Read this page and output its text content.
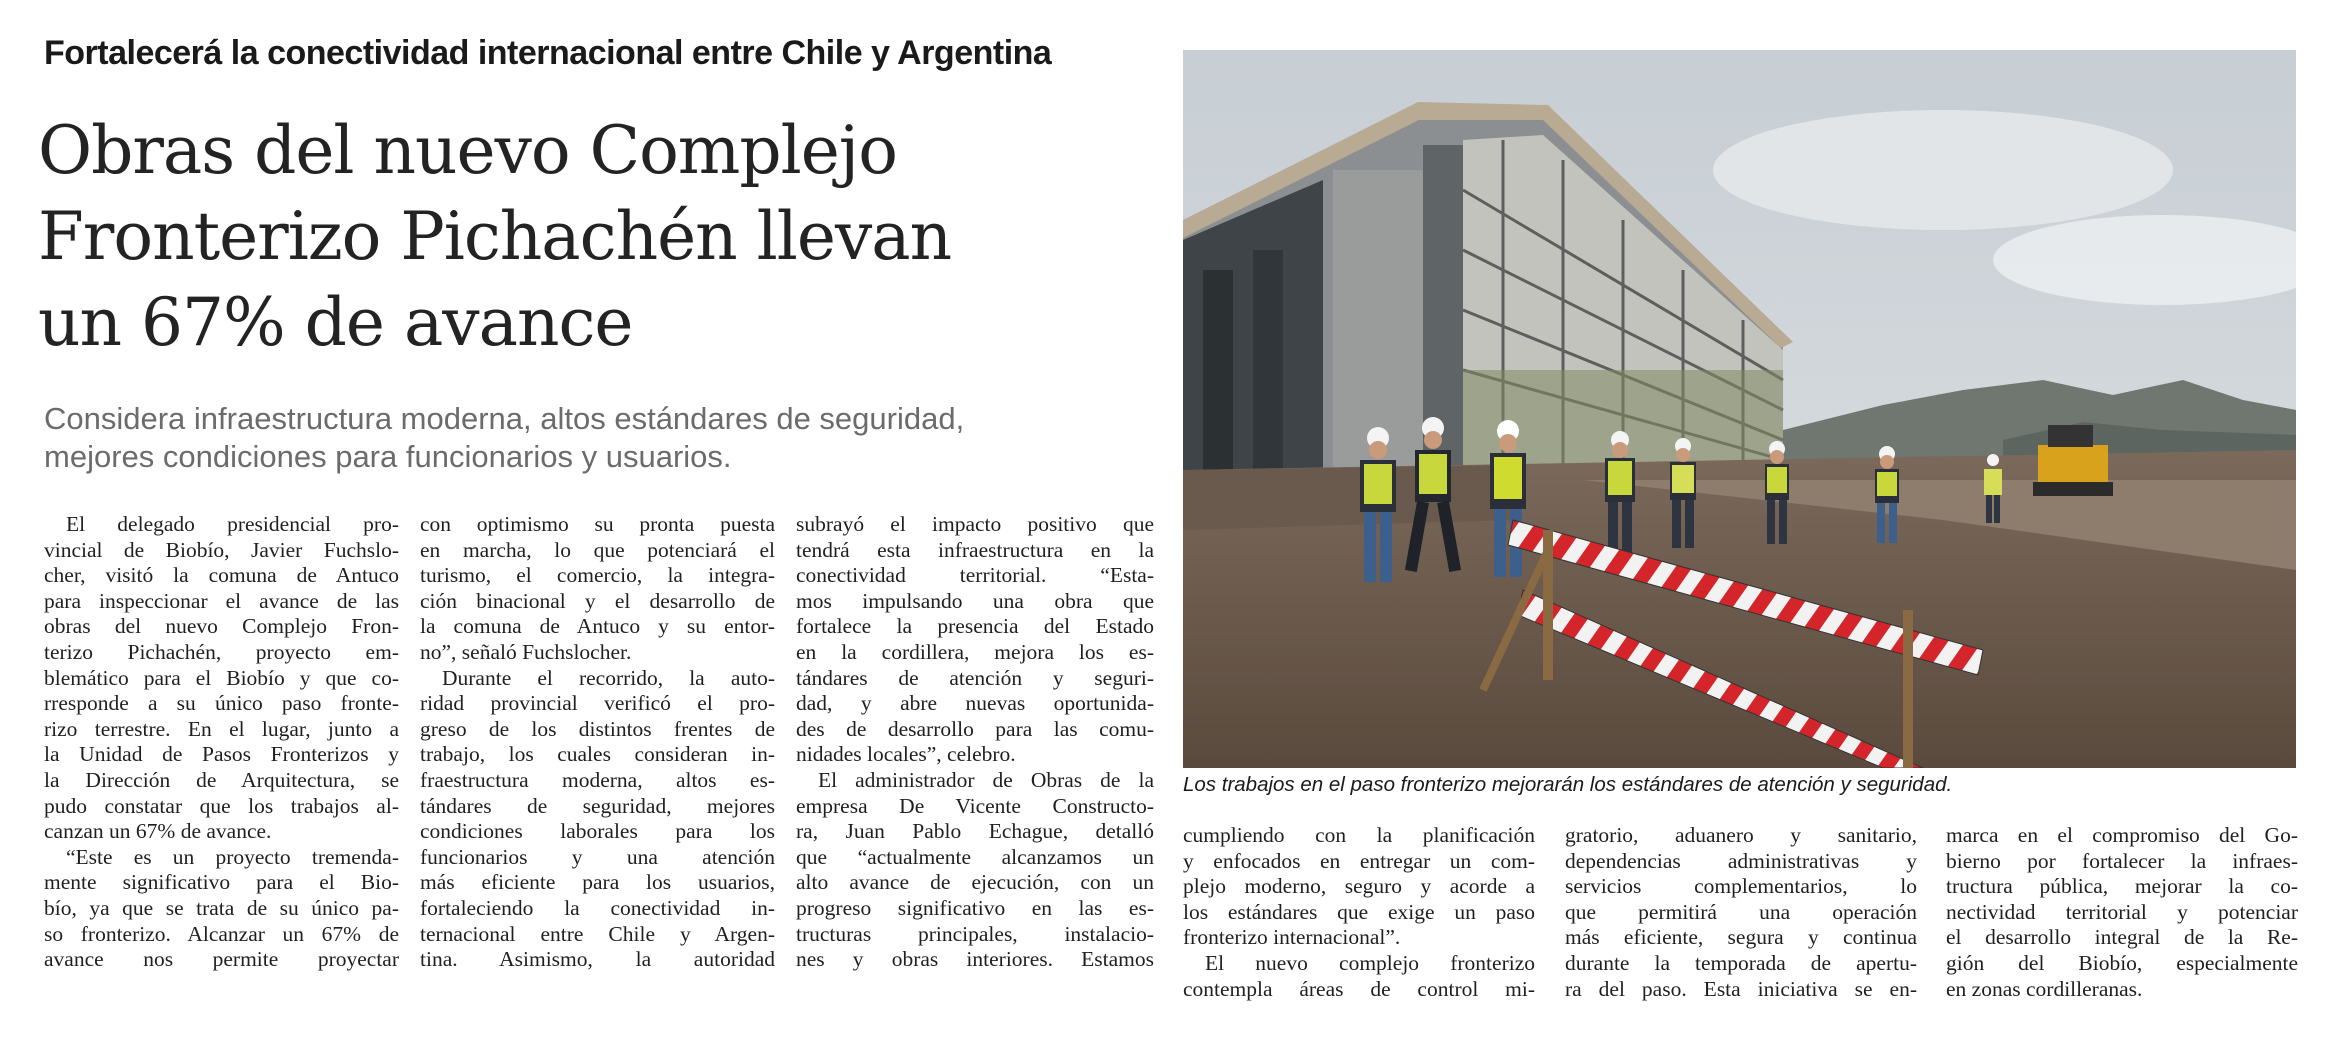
Fortalecerá la conectividad internacional entre Chile y Argentina
Obras del nuevo Complejo
Fronterizo Pichachén llevan
un 67% de avance

Considera infraestructura moderna, altos estándares de seguridad,
mejores condiciones para funcionarios y usuarios.

Los trabajos en el paso fronterizo mejorarán los estándares de atención y seguridad.
El delegado presidencial pro-
vincial de Biobío, Javier Fuchslo-
cher, visitó la comuna de Antuco
para inspeccionar el avance de las
obras del nuevo Complejo Fron-
terizo Pichachén, proyecto em-
blemático para el Biobío y que co-
rresponde a su único paso fronte-
rizo terrestre. En el lugar, junto a
la Unidad de Pasos Fronterizos y
la Dirección de Arquitectura, se
pudo constatar que los trabajos al-
canzan un 67% de avance.
“Este es un proyecto tremenda-
mente significativo para el Bio-
bío, ya que se trata de su único pa-
so fronterizo. Alcanzar un 67% de
avance nos permite proyectar
con optimismo su pronta puesta
en marcha, lo que potenciará el
turismo, el comercio, la integra-
ción binacional y el desarrollo de
la comuna de Antuco y su entor-
no”, señaló Fuchslocher.
Durante el recorrido, la auto-
ridad provincial verificó el pro-
greso de los distintos frentes de
trabajo, los cuales consideran in-
fraestructura moderna, altos es-
tándares de seguridad, mejores
condiciones laborales para los
funcionarios y una atención
más eficiente para los usuarios,
fortaleciendo la conectividad in-
ternacional entre Chile y Argen-
tina. Asimismo, la autoridad
subrayó el impacto positivo que
tendrá esta infraestructura en la
conectividad territorial. “Esta-
mos impulsando una obra que
fortalece la presencia del Estado
en la cordillera, mejora los es-
tándares de atención y seguri-
dad, y abre nuevas oportunida-
des de desarrollo para las comu-
nidades locales”, celebro.
El administrador de Obras de la
empresa De Vicente Constructo-
ra, Juan Pablo Echague, detalló
que “actualmente alcanzamos un
alto avance de ejecución, con un
progreso significativo en las es-
tructuras principales, instalacio-
nes y obras interiores. Estamos
cumpliendo con la planificación
y enfocados en entregar un com-
plejo moderno, seguro y acorde a
los estándares que exige un paso
fronterizo internacional”.
El nuevo complejo fronterizo
contempla áreas de control mi-
gratorio, aduanero y sanitario,
dependencias administrativas y
servicios complementarios, lo
que permitirá una operación
más eficiente, segura y continua
durante la temporada de apertu-
ra del paso. Esta iniciativa se en-
marca en el compromiso del Go-
bierno por fortalecer la infraes-
tructura pública, mejorar la co-
nectividad territorial y potenciar
el desarrollo integral de la Re-
gión del Biobío, especialmente
en zonas cordilleranas.
